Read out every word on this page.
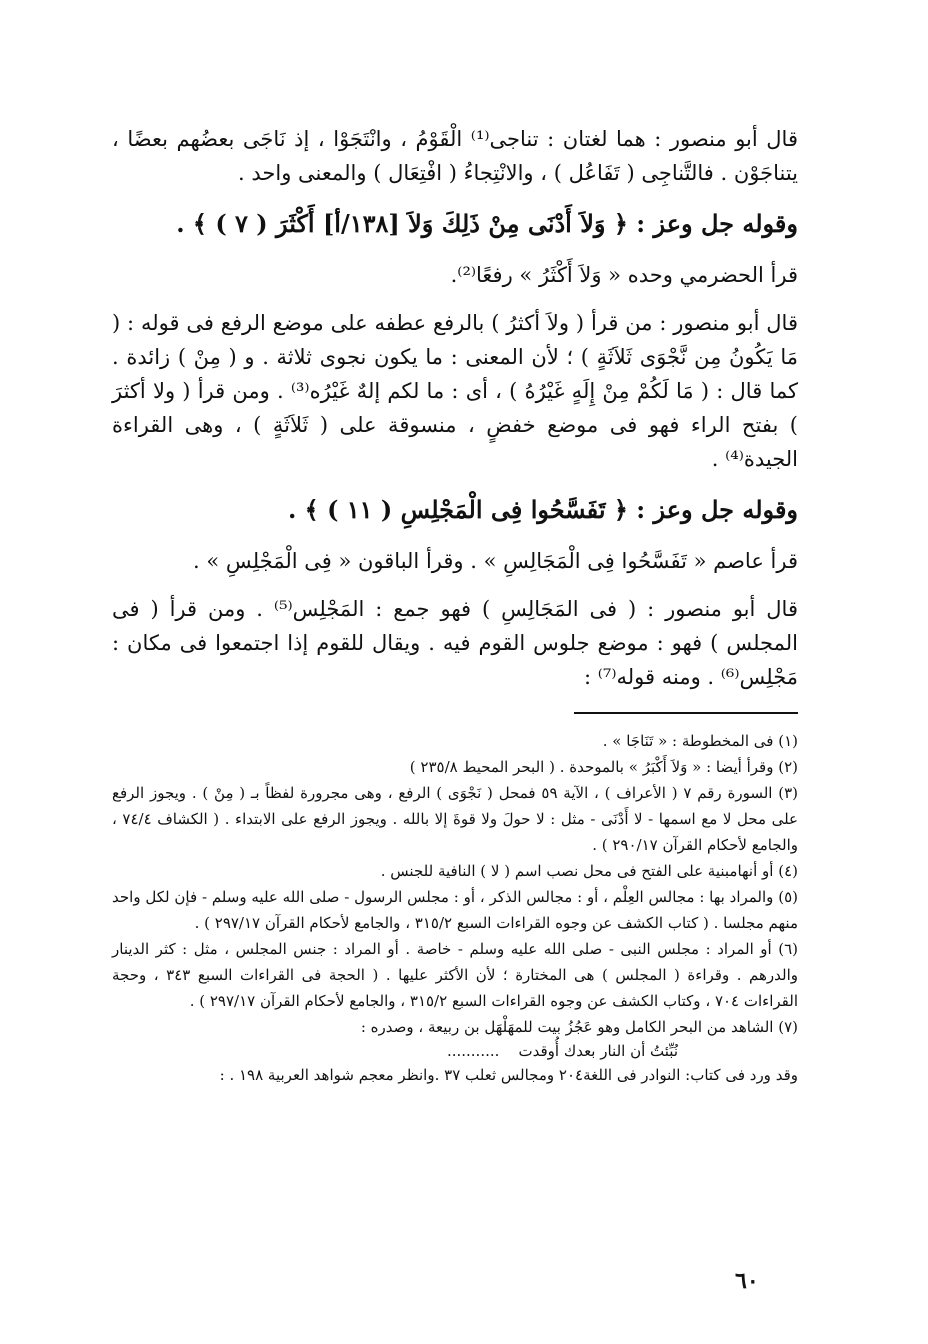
قال أبو منصور : هما لغتان : تناجى⁽¹⁾ الْقَوْمُ ، وانْتَجَوْا ، إذ نَاجَى بعضُهم بعضًا ، يتناجَوْن . فالتَّناجِى ( تَفَاعُل ) ، والانْتِجاءُ ( افْتِعَال ) والمعنى واحد .

وقوله جل وعز : ﴿ وَلاَ أَدْنَى مِنْ ذَلِكَ وَلاَ [١٣٨/أ] أَكْثَرَ ( ٧ ) ﴾ .

قرأ الحضرمي وحده « وَلاَ أَكْثَرُ » رفعًا⁽²⁾.

قال أبو منصور : من قرأ ( ولاَ أكثرُ ) بالرفع عطفه على موضع الرفع فى قوله : ( مَا يَكُونُ مِن نَّجْوَى ثَلاَثَةٍ ) ؛ لأن المعنى : ما يكون نجوى ثلاثة . و ( مِنْ ) زائدة . كما قال : ( مَا لَكُمْ مِنْ إِلَهٍ غَيْرُهُ ) ، أى : ما لكم إلهٌ غَيْرُه⁽³⁾ . ومن قرأ ( ولا أكثرَ ) بفتح الراء فهو فى موضع خفضٍ ، منسوقة على ( ثَلاَثَةٍ ) ، وهى القراءة الجيدة⁽⁴⁾ .

وقوله جل وعز : ﴿ تَفَسَّحُوا فِى الْمَجْلِسِ ( ١١ ) ﴾ .

قرأ عاصم « تَفَسَّحُوا فِى الْمَجَالِسِ » . وقرأ الباقون « فِى الْمَجْلِسِ » .

قال أبو منصور : ( فى المَجَالِسِ ) فهو جمع : المَجْلِس⁽⁵⁾ . ومن قرأ ( فى المجلس ) فهو : موضع جلوس القوم فيه . ويقال للقوم إذا اجتمعوا فى مكان : مَجْلِس⁽⁶⁾ . ومنه قوله⁽⁷⁾ :

(١) فى المخطوطة : « تَنَاجَا » .

(٢) وقرأ أيضا : « وَلاَ أَكْبَرُ » بالموحدة . ( البحر المحيط ٢٣٥/٨ )

(٣) السورة رقم ٧ ( الأعراف ) ، الآية ٥٩ فمحل ( نَجْوَى ) الرفع ، وهى مجرورة لفظاً بـ ( مِنْ ) . ويجوز الرفع على محل لا مع اسمها - لا أَدْنَى - مثل : لا حولَ ولا قوةَ إلا بالله . ويجوز الرفع على الابتداء . ( الكشاف ٧٤/٤ ، والجامع لأحكام القرآن ٢٩٠/١٧ ) .

(٤) أو أنهامبنية على الفتح فى محل نصب اسم ( لا ) النافية للجنس .

(٥) والمراد بها : مجالس العِلْم ، أو : مجالس الذكر ، أو : مجلس الرسول - صلى الله عليه وسلم - فإن لكل واحد منهم مجلسا . ( كتاب الكشف عن وجوه القراءات السبع ٣١٥/٢ ، والجامع لأحكام القرآن ٢٩٧/١٧ ) .

(٦) أو المراد : مجلس النبى - صلى الله عليه وسلم - خاصة . أو المراد : جنس المجلس ، مثل : كثر الدينار والدرهم . وقراءة ( المجلس ) هى المختارة ؛ لأن الأكثر عليها . ( الحجة فى القراءات السبع ٣٤٣ ، وحجة القراءات ٧٠٤ ، وكتاب الكشف عن وجوه القراءات السبع ٣١٥/٢ ، والجامع لأحكام القرآن ٢٩٧/١٧ ) .

(٧) الشاهد من البحر الكامل وهو عَجُزُ بيت للمهَلْهَل بن ربيعة ، وصدره :

نُبِّئتُ أن النار بعدك أُوقدت    ...........

وقد ورد فى كتاب: النوادر فى اللغة٢٠٤ ومجالس ثعلب ٣٧ .وانظر معجم شواهد العربية ١٩٨ . :

٦٠
